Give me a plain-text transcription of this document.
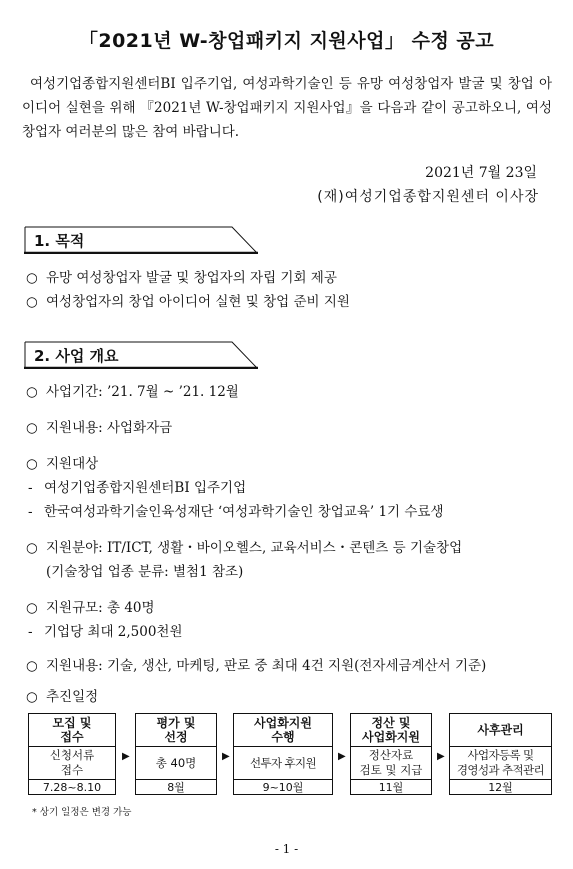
「2021년 W-창업패키지 지원사업」 수정 공고
여성기업종합지원센터BI 입주기업, 여성과학기술인 등 유망 여성창업자 발굴 및 창업 아이디어 실현을 위해 『2021년 W-창업패키지 지원사업』을 다음과 같이 공고하오니, 여성창업자 여러분의 많은 참여 바랍니다.
2021년 7월 23일
(재)여성기업종합지원센터 이사장
1. 목적
○ 유망 여성창업자 발굴 및 창업자의 자립 기회 제공
○ 여성창업자의 창업 아이디어 실현 및 창업 준비 지원
2. 사업 개요
○ 사업기간: ’21. 7월 ~ ’21. 12월
○ 지원내용: 사업화자금
○ 지원대상
- 여성기업종합지원센터BI 입주기업
- 한국여성과학기술인육성재단 ‘여성과학기술인 창업교육’ 1기 수료생
○ 지원분야: IT/ICT, 생활・바이오헬스, 교육서비스・콘텐츠 등 기술창업
(기술창업 업종 분류: 별첨1 참조)
○ 지원규모: 총 40명
- 기업당 최대 2,500천원
○ 지원내용: 기술, 생산, 마케팅, 판로 중 최대 4건 지원(전자세금계산서 기준)
○ 추진일정
모집 및
접수
신청서류
접수
7.28~8.10
▶
평가 및
선정
총 40명
8월
▶
사업화지원
수행
선투자 후지원
9~10월
▶
정산 및
사업화지원
정산자료
검토 및 지급
11월
▶
사후관리
사업자등록 및
경영성과 추적관리
12월
* 상기 일정은 변경 가능
- 1 -
